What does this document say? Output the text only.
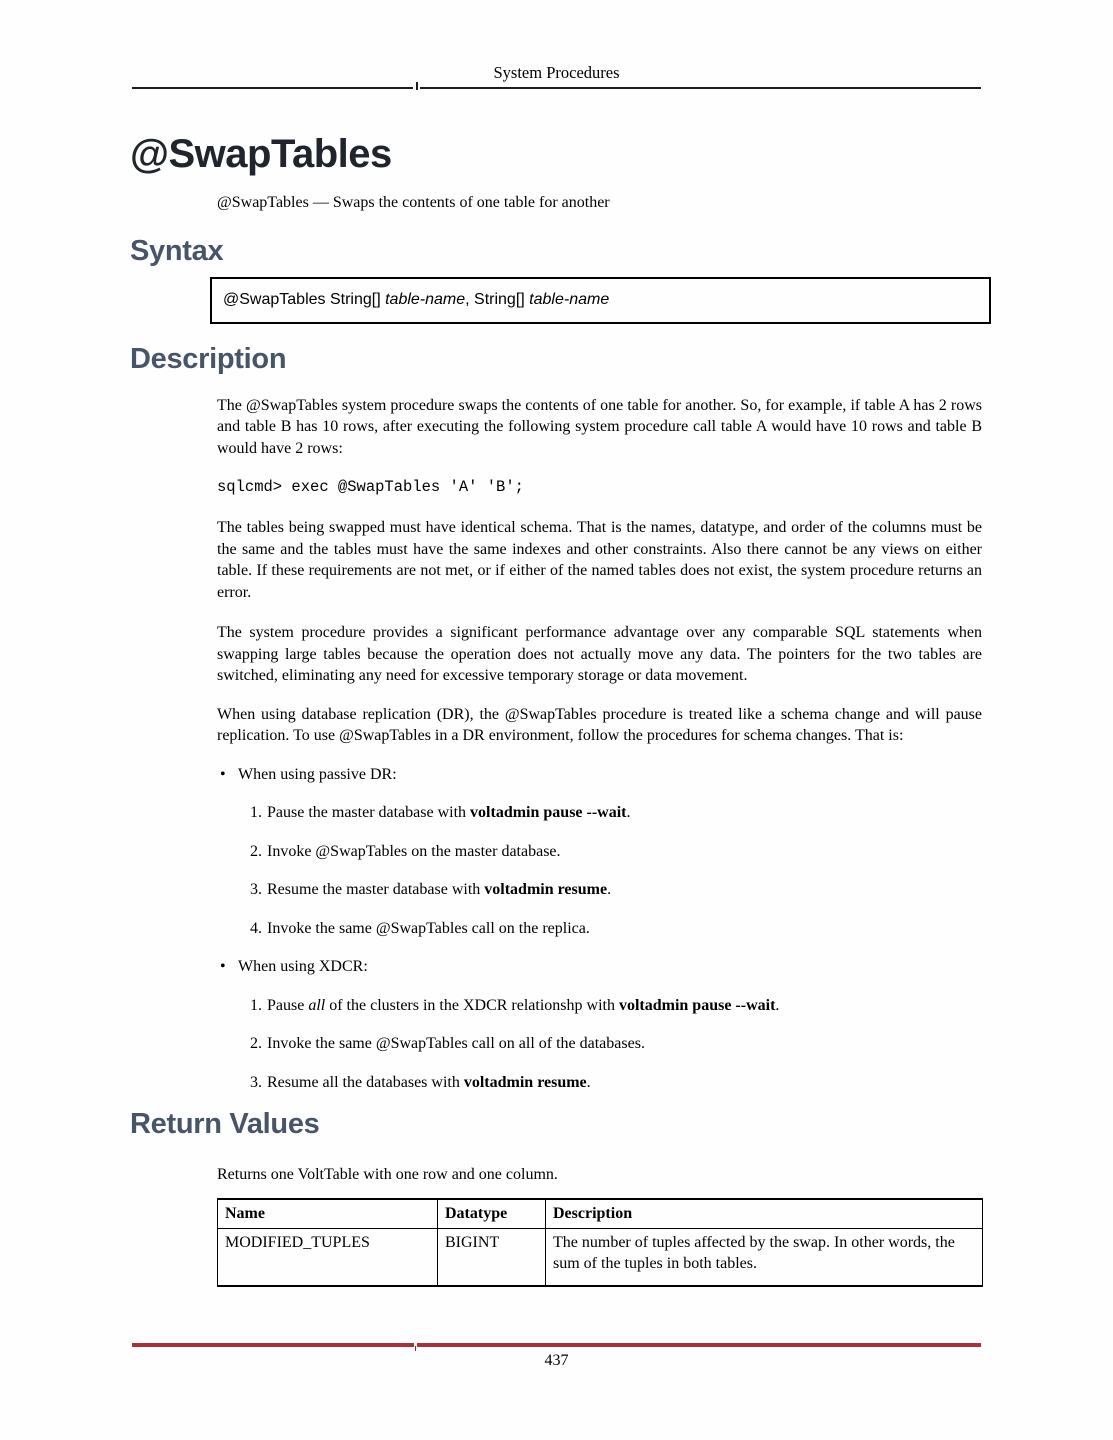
System Procedures
@SwapTables

@SwapTables — Swaps the contents of one table for another

Syntax

@SwapTables String[] table-name, String[] table-name

Description

The @SwapTables system procedure swaps the contents of one table for another. So, for example, if table A has 2 rows and table B has 10 rows, after executing the following system procedure call table A would have 10 rows and table B would have 2 rows:

sqlcmd> exec @SwapTables 'A' 'B';

The tables being swapped must have identical schema. That is the names, datatype, and order of the columns must be the same and the tables must have the same indexes and other constraints. Also there cannot be any views on either table. If these requirements are not met, or if either of the named tables does not exist, the system procedure returns an error.

The system procedure provides a significant performance advantage over any comparable SQL statements when swapping large tables because the operation does not actually move any data. The pointers for the two tables are switched, eliminating any need for excessive temporary storage or data movement.

When using database replication (DR), the @SwapTables procedure is treated like a schema change and will pause replication. To use @SwapTables in a DR environment, follow the procedures for schema changes. That is:

• When using passive DR:
1. Pause the master database with voltadmin pause --wait.
2. Invoke @SwapTables on the master database.
3. Resume the master database with voltadmin resume.
4. Invoke the same @SwapTables call on the replica.
• When using XDCR:
1. Pause all of the clusters in the XDCR relationshp with voltadmin pause --wait.
2. Invoke the same @SwapTables call on all of the databases.
3. Resume all the databases with voltadmin resume.
Return Values

Returns one VoltTable with one row and one column.

Name	Datatype	Description
MODIFIED_TUPLES	BIGINT	The number of tuples affected by the swap. In other words, the sum of the tuples in both tables.
437
